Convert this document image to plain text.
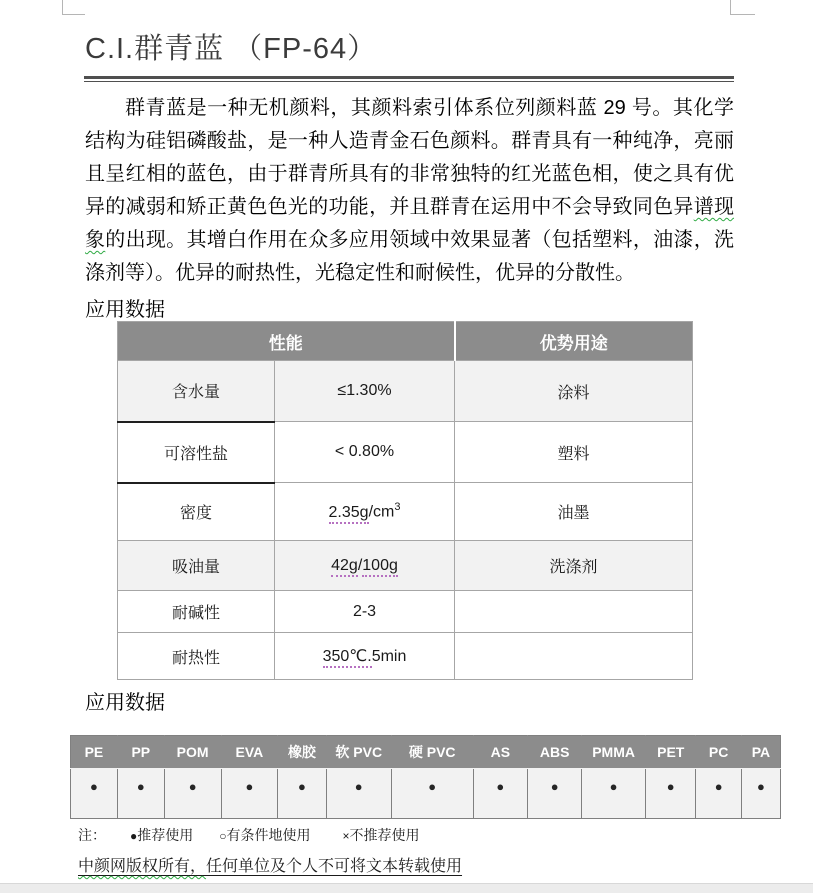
C.I.群青蓝 （FP-64）

群青蓝是一种无机颜料，其颜料索引体系位列颜料蓝 29 号。其化学结构为硅铝磷酸盐，是一种人造青金石色颜料。群青具有一种纯净，亮丽且呈红相的蓝色，由于群青所具有的非常独特的红光蓝色相，使之具有优异的减弱和矫正黄色色光的功能，并且群青在运用中不会导致同色异谱现象的出现。其增白作用在众多应用领域中效果显著（包括塑料，油漆，洗涤剂等）。优异的耐热性，光稳定性和耐候性，优异的分散性。

应用数据
性能		优势用途
含水量	≤1.30%	涂料
可溶性盐	< 0.80%	塑料
密度	$2.35g/cm^3$	油墨
吸油量	42g/100g	洗涤剂
耐碱性	2-3	
耐热性	350℃.5min	
应用数据
PE	PP	POM	EVA	橡胶	软 PVC	硬 PVC	AS	ABS	PMMA	PET	PC	PA
●	●	●	●	●	●	●	●	●	●	●	●	●
注： ●推荐使用 ○有条件地使用	×不推荐使用
中颜网版权所有，任何单位及个人不可将文本转载使用
